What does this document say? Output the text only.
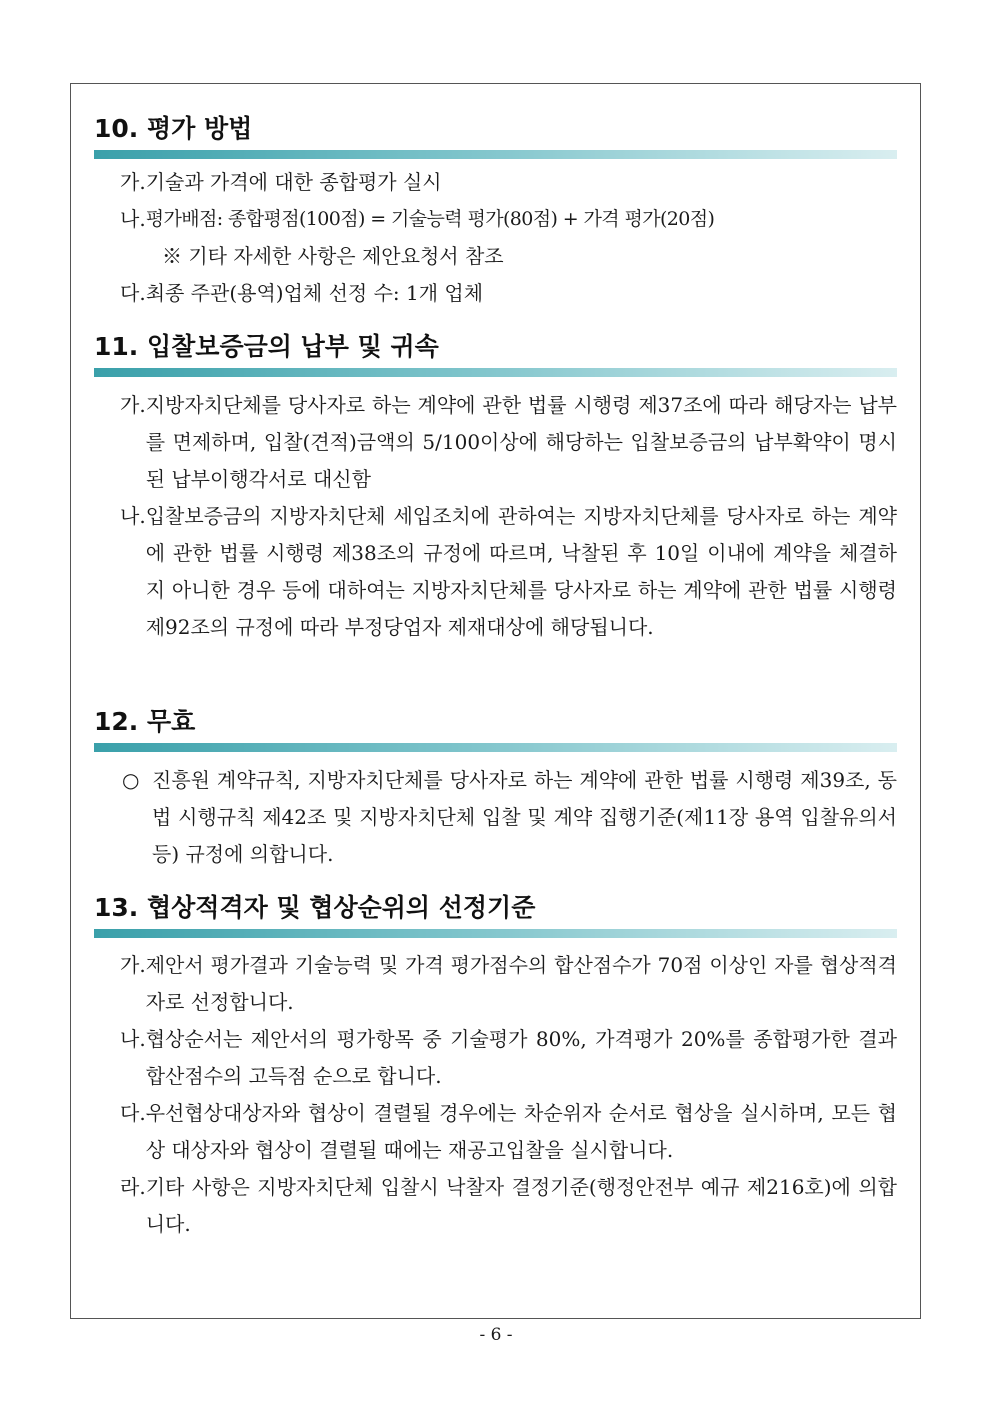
10. 평가 방법
가. 기술과 가격에 대한 종합평가 실시
나. 평가배점: 종합평점(100점) = 기술능력 평가(80점) + 가격 평가(20점)
※ 기타 자세한 사항은 제안요청서 참조
다. 최종 주관(용역)업체 선정 수: 1개 업체
11. 입찰보증금의 납부 및 귀속
가. 지방자치단체를 당사자로 하는 계약에 관한 법률 시행령 제37조에 따라 해당자는 납부를 면제하며, 입찰(견적)금액의 5/100이상에 해당하는 입찰보증금의 납부확약이 명시된 납부이행각서로 대신함
나. 입찰보증금의 지방자치단체 세입조치에 관하여는 지방자치단체를 당사자로 하는 계약에 관한 법률 시행령 제38조의 규정에 따르며, 낙찰된 후 10일 이내에 계약을 체결하지 아니한 경우 등에 대하여는 지방자치단체를 당사자로 하는 계약에 관한 법률 시행령 제92조의 규정에 따라 부정당업자 제재대상에 해당됩니다.
12. 무효
○ 진흥원 계약규칙, 지방자치단체를 당사자로 하는 계약에 관한 법률 시행령 제39조, 동법 시행규칙 제42조 및 지방자치단체 입찰 및 계약 집행기준(제11장 용역 입찰유의서 등) 규정에 의합니다.
13. 협상적격자 및 협상순위의 선정기준
가. 제안서 평가결과 기술능력 및 가격 평가점수의 합산점수가 70점 이상인 자를 협상적격자로 선정합니다.
나. 협상순서는 제안서의 평가항목 중 기술평가 80%, 가격평가 20%를 종합평가한 결과 합산점수의 고득점 순으로 합니다.
다. 우선협상대상자와 협상이 결렬될 경우에는 차순위자 순서로 협상을 실시하며, 모든 협상 대상자와 협상이 결렬될 때에는 재공고입찰을 실시합니다.
라. 기타 사항은 지방자치단체 입찰시 낙찰자 결정기준(행정안전부 예규 제216호)에 의합니다.
- 6 -
